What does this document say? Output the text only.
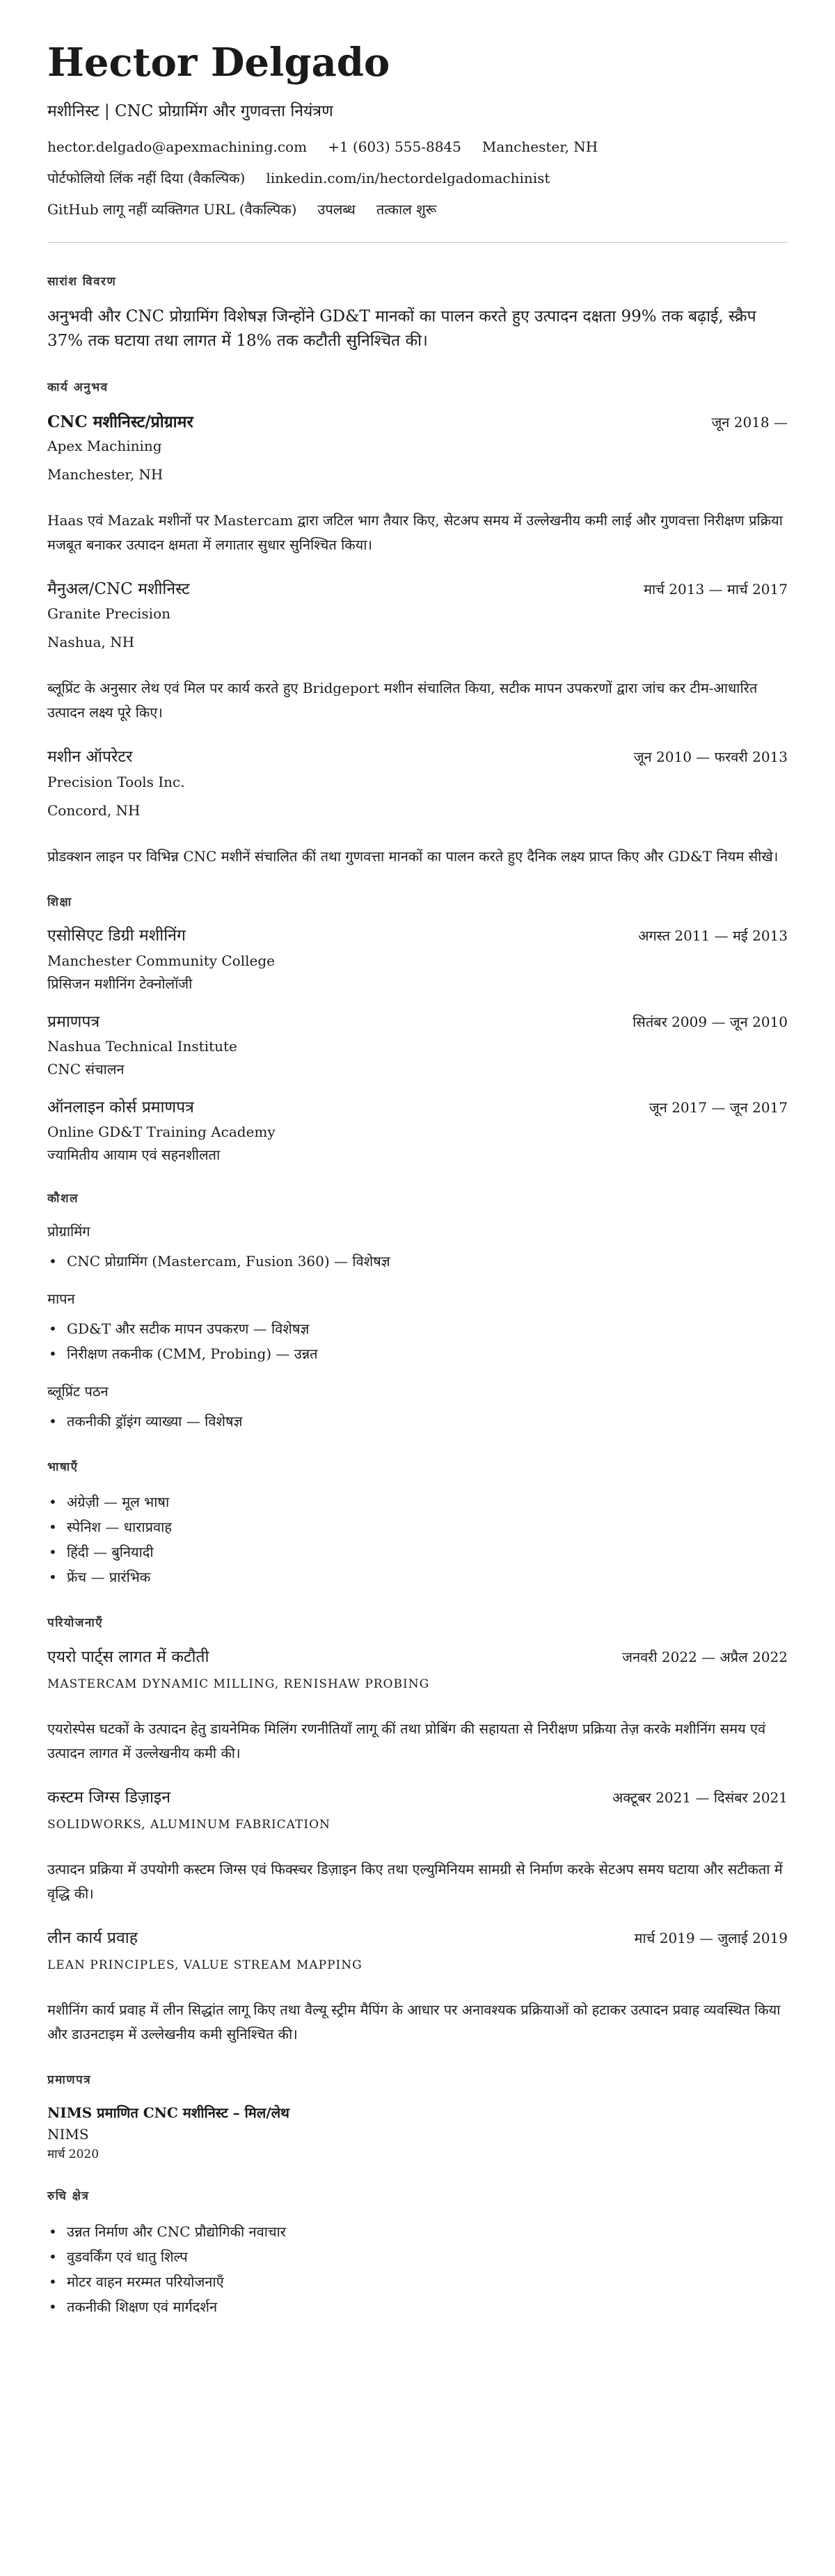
Hector Delgado
मशीनिस्ट | CNC प्रोग्रामिंग और गुणवत्ता नियंत्रण
hector.delgado@apexmachining.com +1 (603) 555-8845 Manchester, NH
पोर्टफोलियो लिंक नहीं दिया (वैकल्पिक) linkedin.com/in/hectordelgadomachinist
GitHub लागू नहीं व्यक्तिगत URL (वैकल्पिक) उपलब्ध तत्काल शुरू
सारांश विवरण

अनुभवी और CNC प्रोग्रामिंग विशेषज्ञ जिन्होंने GD&T मानकों का पालन करते हुए उत्पादन दक्षता 99% तक बढ़ाई, स्क्रैप 37% तक घटाया तथा लागत में 18% तक कटौती सुनिश्चित की।

कार्य अनुभव
CNC मशीनिस्ट/प्रोग्रामर	जून 2018 —
Apex Machining
Manchester, NH

Haas एवं Mazak मशीनों पर Mastercam द्वारा जटिल भाग तैयार किए, सेटअप समय में उल्लेखनीय कमी लाई और गुणवत्ता निरीक्षण प्रक्रिया मजबूत बनाकर उत्पादन क्षमता में लगातार सुधार सुनिश्चित किया।

मैनुअल/CNC मशीनिस्ट	मार्च 2013 — मार्च 2017
Granite Precision
Nashua, NH

ब्लूप्रिंट के अनुसार लेथ एवं मिल पर कार्य करते हुए Bridgeport मशीन संचालित किया, सटीक मापन उपकरणों द्वारा जांच कर टीम-आधारित उत्पादन लक्ष्य पूरे किए।

मशीन ऑपरेटर	जून 2010 — फरवरी 2013
Precision Tools Inc.
Concord, NH

प्रोडक्शन लाइन पर विभिन्न CNC मशीनें संचालित कीं तथा गुणवत्ता मानकों का पालन करते हुए दैनिक लक्ष्य प्राप्त किए और GD&T नियम सीखे।

शिक्षा
एसोसिएट डिग्री मशीनिंग	अगस्त 2011 — मई 2013
Manchester Community College
प्रिसिजन मशीनिंग टेक्नोलॉजी
प्रमाणपत्र	सितंबर 2009 — जून 2010
Nashua Technical Institute
CNC संचालन
ऑनलाइन कोर्स प्रमाणपत्र	जून 2017 — जून 2017
Online GD&T Training Academy
ज्यामितीय आयाम एवं सहनशीलता
कौशल
प्रोग्रामिंग
• CNC प्रोग्रामिंग (Mastercam, Fusion 360) — विशेषज्ञ
मापन
• GD&T और सटीक मापन उपकरण — विशेषज्ञ
• निरीक्षण तकनीक (CMM, Probing) — उन्नत
ब्लूप्रिंट पठन
• तकनीकी ड्रॉइंग व्याख्या — विशेषज्ञ
भाषाएँ
• अंग्रेज़ी — मूल भाषा
• स्पेनिश — धाराप्रवाह
• हिंदी — बुनियादी
• फ्रेंच — प्रारंभिक
परियोजनाएँ
एयरो पार्ट्स लागत में कटौती	जनवरी 2022 — अप्रैल 2022
MASTERCAM DYNAMIC MILLING, RENISHAW PROBING

एयरोस्पेस घटकों के उत्पादन हेतु डायनेमिक मिलिंग रणनीतियाँ लागू कीं तथा प्रोबिंग की सहायता से निरीक्षण प्रक्रिया तेज़ करके मशीनिंग समय एवं उत्पादन लागत में उल्लेखनीय कमी की।

कस्टम जिग्स डिज़ाइन	अक्टूबर 2021 — दिसंबर 2021
SOLIDWORKS, ALUMINUM FABRICATION

उत्पादन प्रक्रिया में उपयोगी कस्टम जिग्स एवं फिक्स्चर डिज़ाइन किए तथा एल्युमिनियम सामग्री से निर्माण करके सेटअप समय घटाया और सटीकता में वृद्धि की।

लीन कार्य प्रवाह	मार्च 2019 — जुलाई 2019
LEAN PRINCIPLES, VALUE STREAM MAPPING

मशीनिंग कार्य प्रवाह में लीन सिद्धांत लागू किए तथा वैल्यू स्ट्रीम मैपिंग के आधार पर अनावश्यक प्रक्रियाओं को हटाकर उत्पादन प्रवाह व्यवस्थित किया और डाउनटाइम में उल्लेखनीय कमी सुनिश्चित की।

प्रमाणपत्र
NIMS प्रमाणित CNC मशीनिस्ट – मिल/लेथ
NIMS
मार्च 2020
रुचि क्षेत्र
• उन्नत निर्माण और CNC प्रौद्योगिकी नवाचार
• वुडवर्किंग एवं धातु शिल्प
• मोटर वाहन मरम्मत परियोजनाएँ
• तकनीकी शिक्षण एवं मार्गदर्शन
